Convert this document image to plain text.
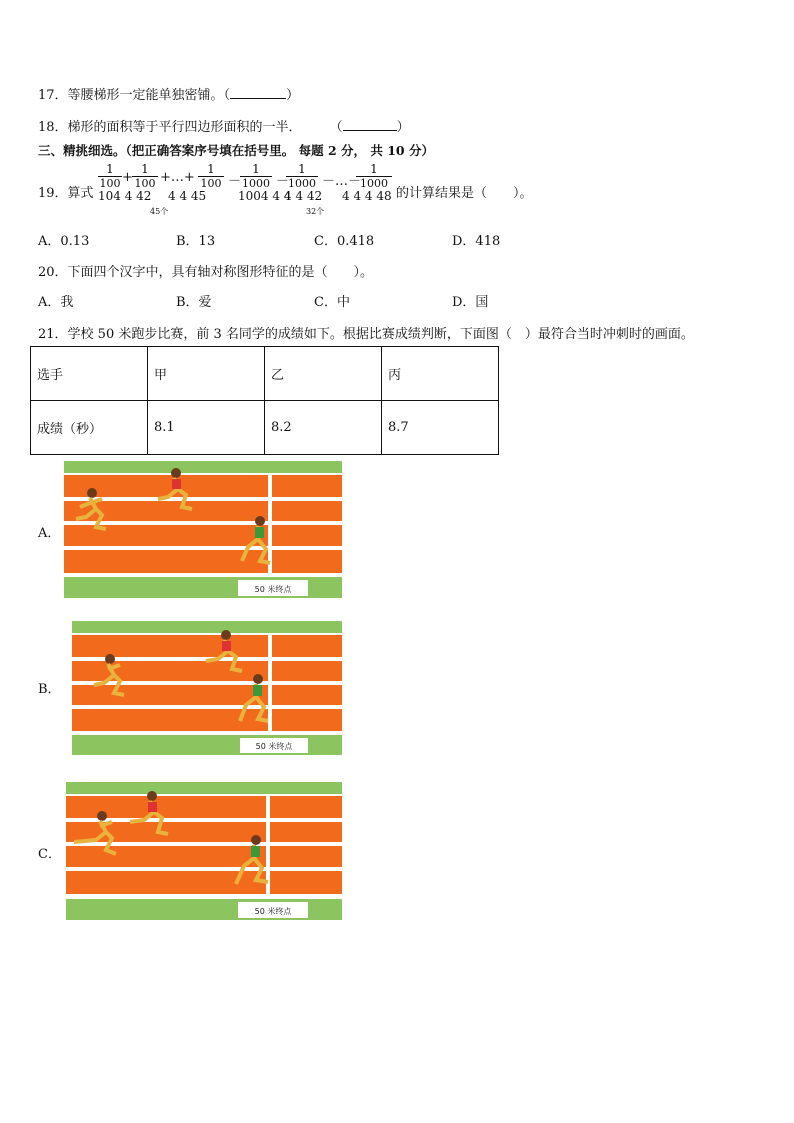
17．等腰梯形一定能单独密铺。（	）
18．梯形的面积等于平行四边形面积的一半． （	）
三、精挑细选。（把正确答案序号填在括号里。 每题 2 分， 共 10 分）
19．算式
$\frac{1}{100}$
104 4 42
+ $\frac{1}{100}$ +…+ $\frac{1}{100}$
4 4 45
45个
－
$\frac{1}{1000}$
1004 4 4
－
$\frac{1}{1000}$
4 4 42
32个
－…－
$\frac{1}{1000}$
4 4 4 48 的计算结果是（　　）。
A．0.13	B．13	C．0.418	D．418
20．下面四个汉字中，具有轴对称图形特征的是（　　）。
A．我	B．爱	C．中	D．国
21．学校 50 米跑步比赛，前 3 名同学的成绩如下。根据比赛成绩判断，下面图（　）最符合当时冲刺时的画面。
选手	甲	乙	丙
成绩（秒）	8.1	8.2	8.7
A．
50 米终点
B．
50 米终点
C．
50 米终点
